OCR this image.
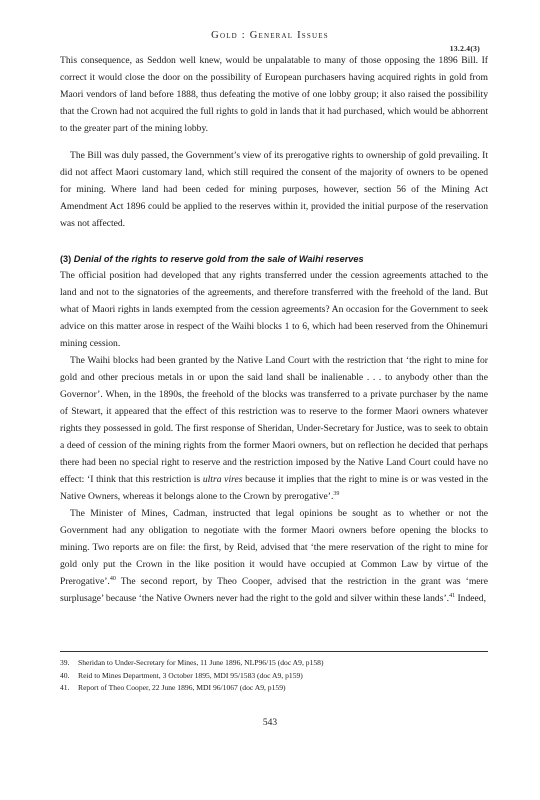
Gold : General Issues
13.2.4(3)

This consequence, as Seddon well knew, would be unpalatable to many of those opposing the 1896 Bill. If correct it would close the door on the possibility of European purchasers having acquired rights in gold from Maori vendors of land before 1888, thus defeating the motive of one lobby group; it also raised the possibility that the Crown had not acquired the full rights to gold in lands that it had purchased, which would be abhorrent to the greater part of the mining lobby.

The Bill was duly passed, the Government’s view of its prerogative rights to ownership of gold prevailing. It did not affect Maori customary land, which still required the consent of the majority of owners to be opened for mining. Where land had been ceded for mining purposes, however, section 56 of the Mining Act Amendment Act 1896 could be applied to the reserves within it, provided the initial purpose of the reservation was not affected.

(3) Denial of the rights to reserve gold from the sale of Waihi reserves

The official position had developed that any rights transferred under the cession agreements attached to the land and not to the signatories of the agreements, and therefore transferred with the freehold of the land. But what of Maori rights in lands exempted from the cession agreements? An occasion for the Government to seek advice on this matter arose in respect of the Waihi blocks 1 to 6, which had been reserved from the Ohinemuri mining cession.

The Waihi blocks had been granted by the Native Land Court with the restriction that ‘the right to mine for gold and other precious metals in or upon the said land shall be inalienable . . . to anybody other than the Governor’. When, in the 1890s, the freehold of the blocks was transferred to a private purchaser by the name of Stewart, it appeared that the effect of this restriction was to reserve to the former Maori owners whatever rights they possessed in gold. The first response of Sheridan, Under-Secretary for Justice, was to seek to obtain a deed of cession of the mining rights from the former Maori owners, but on reflection he decided that perhaps there had been no special right to reserve and the restriction imposed by the Native Land Court could have no effect: ‘I think that this restriction is ultra vires because it implies that the right to mine is or was vested in the Native Owners, whereas it belongs alone to the Crown by prerogative’.$^{39}$

The Minister of Mines, Cadman, instructed that legal opinions be sought as to whether or not the Government had any obligation to negotiate with the former Maori owners before opening the blocks to mining. Two reports are on file: the first, by Reid, advised that ‘the mere reservation of the right to mine for gold only put the Crown in the like position it would have occupied at Common Law by virtue of the Prerogative’.$^{40}$ The second report, by Theo Cooper, advised that the restriction in the grant was ‘mere surplusage’ because ‘the Native Owners never had the right to the gold and silver within these lands’.$^{41}$ Indeed,

39. Sheridan to Under-Secretary for Mines, 11 June 1896, NLP96/15 (doc A9, p158)
40. Reid to Mines Department, 3 October 1895, MDI 95/1583 (doc A9, p159)
41. Report of Theo Cooper, 22 June 1896, MDI 96/1067 (doc A9, p159)
543
